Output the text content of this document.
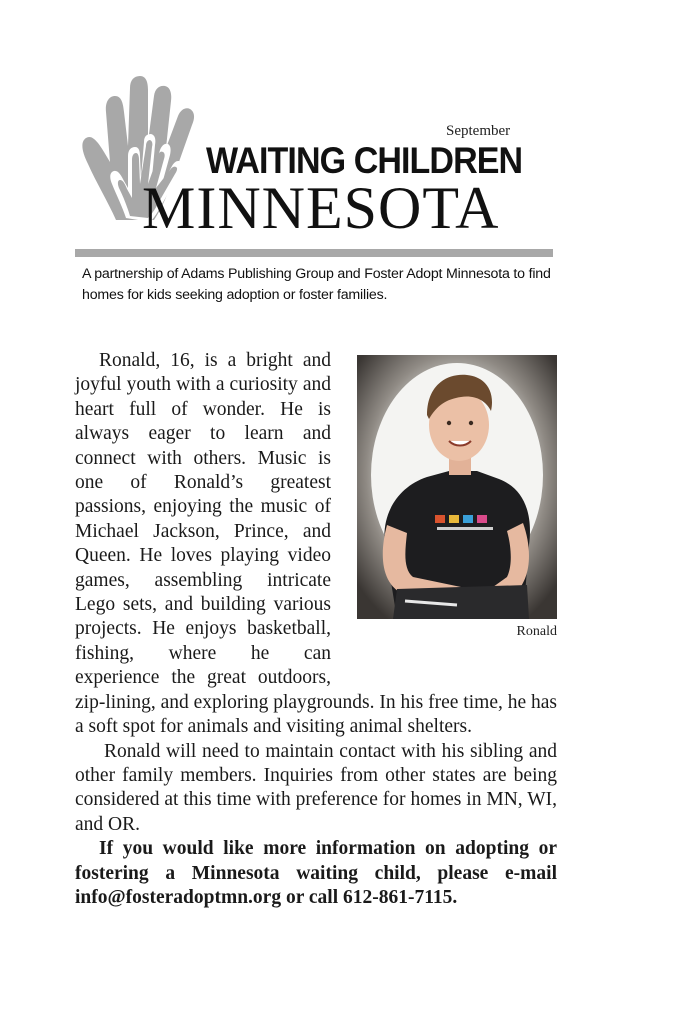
September
WAITING CHILDREN
MINNESOTA
A partnership of Adams Publishing Group and Foster Adopt Minnesota to find homes for kids seeking adoption or foster families.
Ronald

Ronald, 16, is a bright and joyful youth with a curiosity and heart full of wonder. He is always eager to learn and connect with others. Music is one of Ronald’s greatest passions, enjoying the music of Michael Jackson, Prince, and Queen. He loves playing video games, assembling intricate Lego sets, and building various projects. He enjoys basketball, fishing, where he can experience the great outdoors, zip-lining, and exploring playgrounds. In his free time, he has a soft spot for animals and visiting animal shelters.

Ronald will need to maintain contact with his sibling and other family members. Inquiries from other states are being considered at this time with preference for homes in MN, WI, and OR.

If you would like more information on adopting or fostering a Minnesota waiting child, please e-mail info@fosteradoptmn.org or call 612-861-7115.
